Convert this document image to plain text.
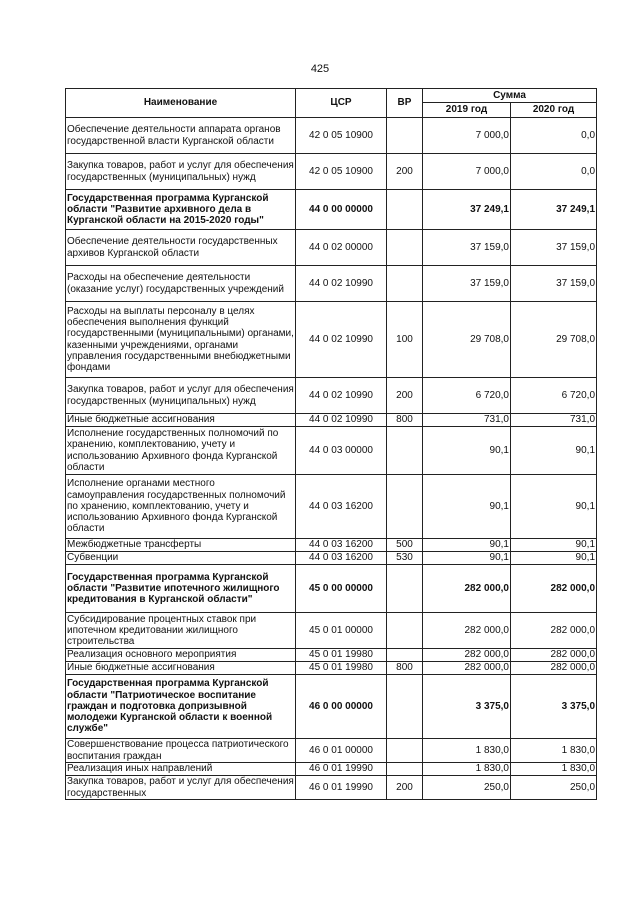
425
Наименование	ЦСР	ВР	Сумма	
			2019 год	2020 год
Обеспечение деятельности аппарата органов государственной власти Курганской области	42 0 05 10900		7 000,0	0,0
Закупка товаров, работ и услуг для обеспечения государственных (муниципальных) нужд	42 0 05 10900	200	7 000,0	0,0
Государственная программа Курганской области "Развитие архивного дела в Курганской области на 2015-2020 годы"	44 0 00 00000		37 249,1	37 249,1
Обеспечение деятельности государственных архивов Курганской области	44 0 02 00000		37 159,0	37 159,0
Расходы на обеспечение деятельности (оказание услуг) государственных учреждений	44 0 02 10990		37 159,0	37 159,0
Расходы на выплаты персоналу в целях обеспечения выполнения функций государственными (муниципальными) органами, казенными учреждениями, органами управления государственными внебюджетными фондами	44 0 02 10990	100	29 708,0	29 708,0
Закупка товаров, работ и услуг для обеспечения государственных (муниципальных) нужд	44 0 02 10990	200	6 720,0	6 720,0
Иные бюджетные ассигнования	44 0 02 10990	800	731,0	731,0
Исполнение государственных полномочий по хранению, комплектованию, учету и использованию Архивного фонда Курганской области	44 0 03 00000		90,1	90,1
Исполнение органами местного самоуправления государственных полномочий по хранению, комплектованию, учету и использованию Архивного фонда Курганской области	44 0 03 16200		90,1	90,1
Межбюджетные трансферты	44 0 03 16200	500	90,1	90,1
Субвенции	44 0 03 16200	530	90,1	90,1
Государственная программа Курганской области "Развитие ипотечного жилищного кредитования в Курганской области"	45 0 00 00000		282 000,0	282 000,0
Субсидирование процентных ставок при ипотечном кредитовании жилищного строительства	45 0 01 00000		282 000,0	282 000,0
Реализация основного мероприятия	45 0 01 19980		282 000,0	282 000,0
Иные бюджетные ассигнования	45 0 01 19980	800	282 000,0	282 000,0
Государственная программа Курганской области "Патриотическое воспитание граждан и подготовка допризывной молодежи Курганской области к военной службе"	46 0 00 00000		3 375,0	3 375,0
Совершенствование процесса патриотического воспитания граждан	46 0 01 00000		1 830,0	1 830,0
Реализация иных направлений	46 0 01 19990		1 830,0	1 830,0
Закупка товаров, работ и услуг для обеспечения государственных	46 0 01 19990	200	250,0	250,0
